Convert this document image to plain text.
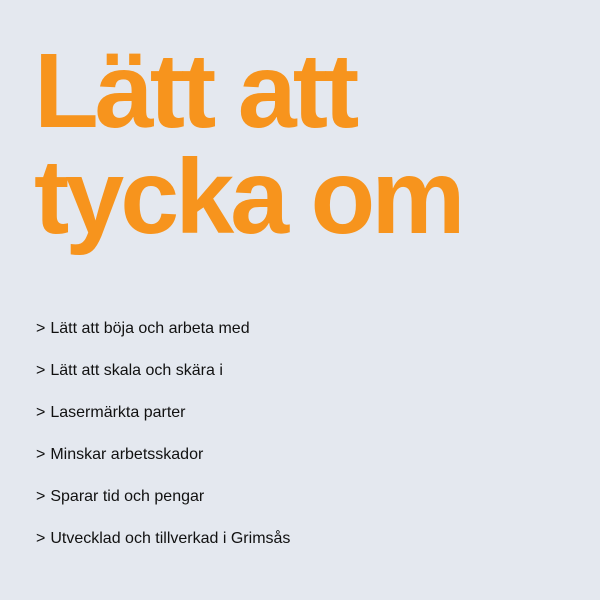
Lätt att
tycka om
> Lätt att böja och arbeta med
> Lätt att skala och skära i
> Lasermärkta parter
> Minskar arbetsskador
> Sparar tid och pengar
> Utvecklad och tillverkad i Grimsås
